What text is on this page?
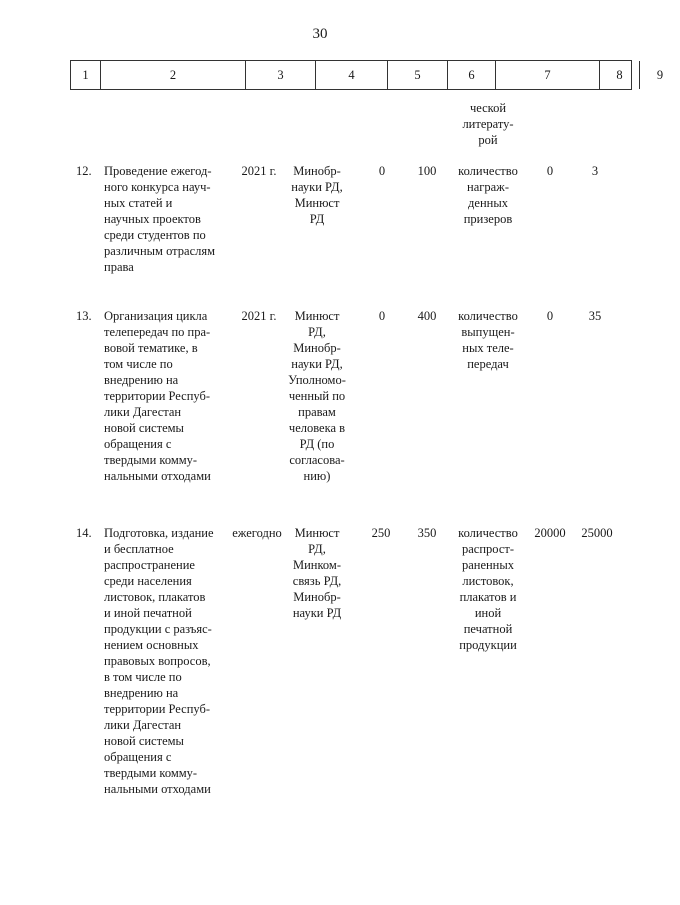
30
1	2	3	4	5	6	7	8	9
ческой
литерату-
рой
12. Проведение ежегод-
ного конкурса науч-
ных статей и
научных проектов
среди студентов по
различным отраслям
права
2021 г.	Минобр-
науки РД,
Минюст
РД
0	100	количество
награж-
денных
призеров
0	3
13. Организация цикла
телепередач по пра-
вовой тематике, в
том числе по
внедрению на
территории Респуб-
лики Дагестан
новой системы
обращения с
твердыми комму-
нальными отходами
2021 г.	Минюст
РД,
Минобр-
науки РД,
Уполномо-
ченный по
правам
человека в
РД (по
согласова-
нию)
0	400	количество
выпущен-
ных теле-
передач
0	35
14. Подготовка, издание
и бесплатное
распространение
среди населения
листовок, плакатов
и иной печатной
продукции с разъяс-
нением основных
правовых вопросов,
в том числе по
внедрению на
территории Респуб-
лики Дагестан
новой системы
обращения с
твердыми комму-
нальными отходами
ежегодно	Минюст
РД,
Минком-
связь РД,
Минобр-
науки РД
250	350	количество
распрост-
раненных
листовок,
плакатов и
иной
печатной
продукции
20000 25000
